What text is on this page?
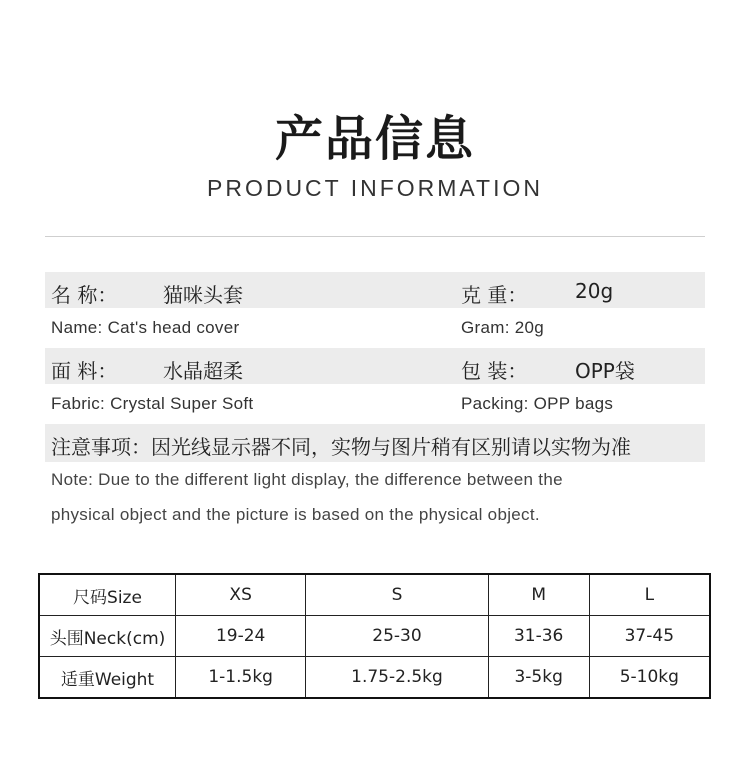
产品信息
PRODUCT INFORMATION
名 称： 猫咪头套	克 重： 20g
Name: Cat's head cover	Gram: 20g
面 料： 水晶超柔	包 装： OPP袋
Fabric: Crystal Super Soft	Packing: OPP bags
注意事项：因光线显示器不同，实物与图片稍有区别请以实物为准
Note: Due to the different light display, the difference between the
physical object and the picture is based on the physical object.
尺码Size	XS	S	M	L
头围Neck(cm)	19-24	25-30	31-36	37-45
适重Weight	1-1.5kg	1.75-2.5kg	3-5kg	5-10kg
